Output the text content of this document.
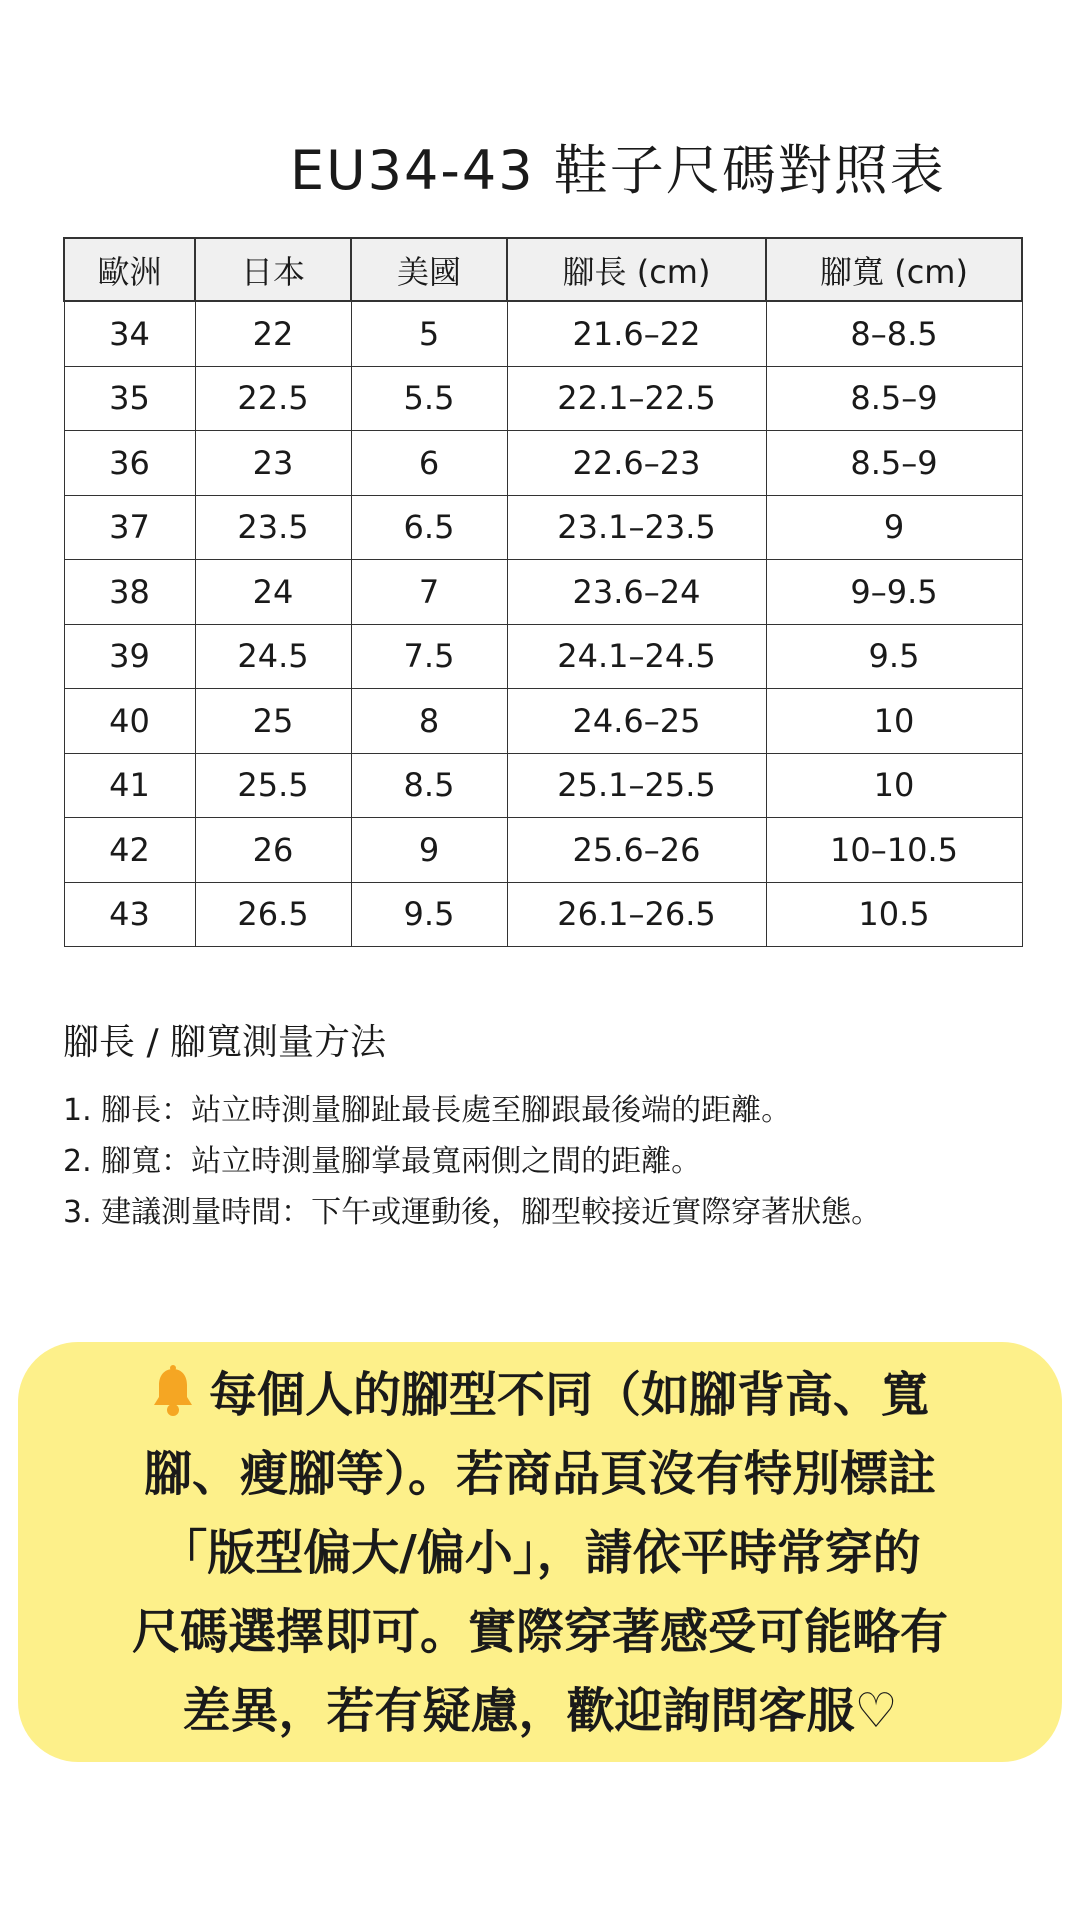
EU34-43 鞋子尺碼對照表
歐洲	日本	美國	腳長 (cm)	腳寬 (cm)
34	22	5	21.6–22	8–8.5
35	22.5	5.5	22.1–22.5	8.5–9
36	23	6	22.6–23	8.5–9
37	23.5	6.5	23.1–23.5	9
38	24	7	23.6–24	9–9.5
39	24.5	7.5	24.1–24.5	9.5
40	25	8	24.6–25	10
41	25.5	8.5	25.1–25.5	10
42	26	9	25.6–26	10–10.5
43	26.5	9.5	26.1–26.5	10.5
腳長 / 腳寬測量方法
1. 腳長：站立時測量腳趾最長處至腳跟最後端的距離。
2. 腳寬：站立時測量腳掌最寬兩側之間的距離。
3. 建議測量時間：下午或運動後，腳型較接近實際穿著狀態。
每個人的腳型不同（如腳背高、寬
腳、瘦腳等）。若商品頁沒有特別標註
「版型偏大/偏小」，請依平時常穿的
尺碼選擇即可。實際穿著感受可能略有
差異，若有疑慮，歡迎詢問客服♡
